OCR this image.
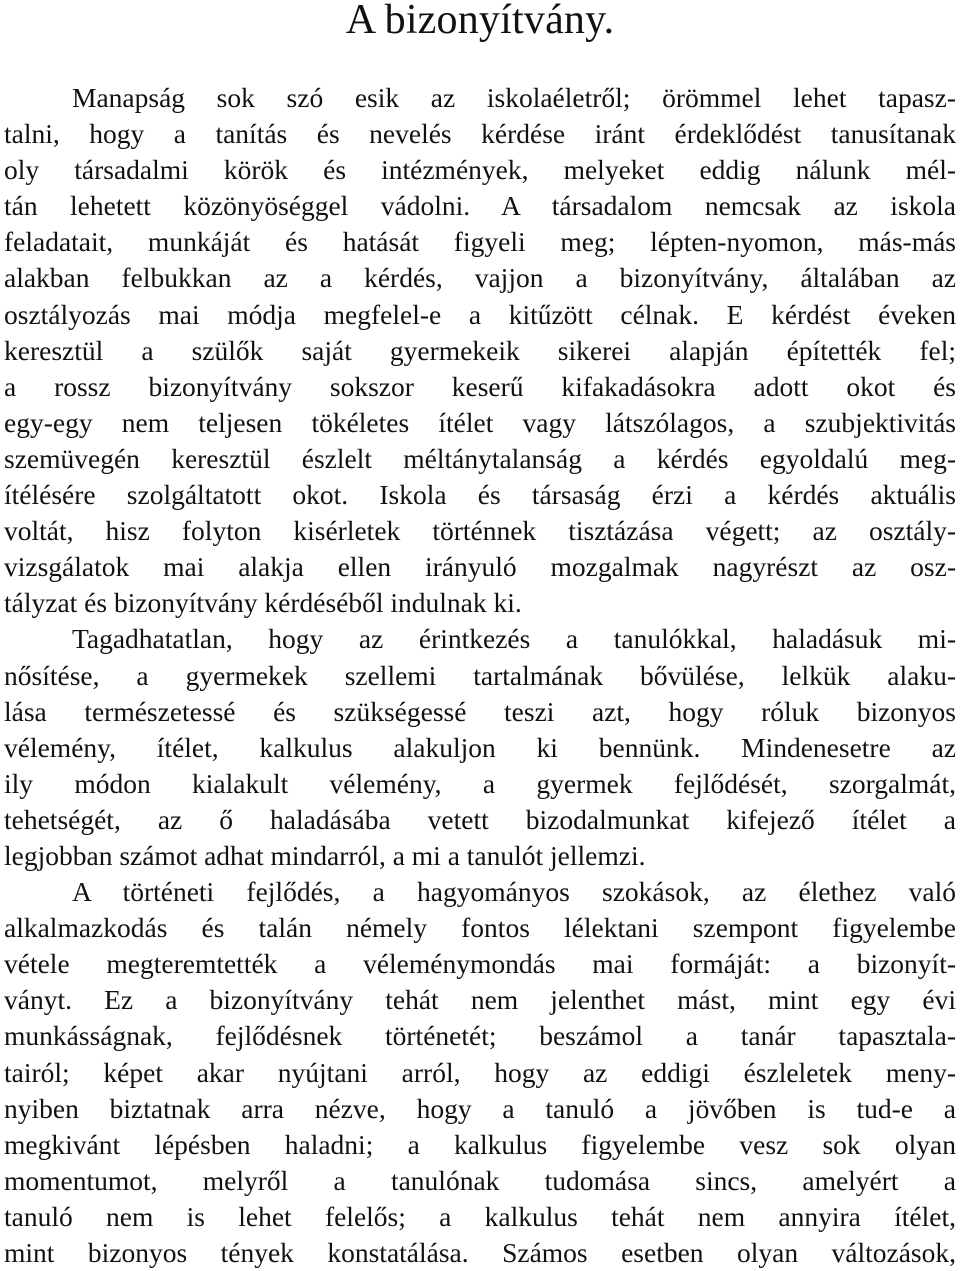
A bizonyítvány.
Manapság sok szó esik az iskolaéletről; örömmel lehet tapasz-
talni, hogy a tanítás és nevelés kérdése iránt érdeklődést tanusítanak
oly társadalmi körök és intézmények, melyeket eddig nálunk mél-
tán lehetett közönyöséggel vádolni. A társadalom nemcsak az iskola
feladatait, munkáját és hatását figyeli meg; lépten-nyomon, más-más
alakban felbukkan az a kérdés, vajjon a bizonyítvány, általában az
osztályozás mai módja megfelel-e a kitűzött célnak. E kérdést éveken
keresztül a szülők saját gyermekeik sikerei alapján építették fel;
a rossz bizonyítvány sokszor keserű kifakadásokra adott okot és
egy-egy nem teljesen tökéletes ítélet vagy látszólagos, a szubjektivitás
szemüvegén keresztül észlelt méltánytalanság a kérdés egyoldalú meg-
ítélésére szolgáltatott okot. Iskola és társaság érzi a kérdés aktuális
voltát, hisz folyton kisérletek történnek tisztázása végett; az osztály-
vizsgálatok mai alakja ellen irányuló mozgalmak nagyrészt az osz-
tályzat és bizonyítvány kérdéséből indulnak ki.
Tagadhatatlan, hogy az érintkezés a tanulókkal, haladásuk mi-
nősítése, a gyermekek szellemi tartalmának bővülése, lelkük alaku-
lása természetessé és szükségessé teszi azt, hogy róluk bizonyos
vélemény, ítélet, kalkulus alakuljon ki bennünk. Mindenesetre az
ily módon kialakult vélemény, a gyermek fejlődését, szorgalmát,
tehetségét, az ő haladásába vetett bizodalmunkat kifejező ítélet a
legjobban számot adhat mindarról, a mi a tanulót jellemzi.
A történeti fejlődés, a hagyományos szokások, az élethez való
alkalmazkodás és talán némely fontos lélektani szempont figyelembe
vétele megteremtették a véleménymondás mai formáját: a bizonyít-
ványt. Ez a bizonyítvány tehát nem jelenthet mást, mint egy évi
munkásságnak, fejlődésnek történetét; beszámol a tanár tapasztala-
tairól; képet akar nyújtani arról, hogy az eddigi észleletek meny-
nyiben biztatnak arra nézve, hogy a tanuló a jövőben is tud-e a
megkivánt lépésben haladni; a kalkulus figyelembe vesz sok olyan
momentumot, melyről a tanulónak tudomása sincs, amelyért a
tanuló nem is lehet felelős; a kalkulus tehát nem annyira ítélet,
mint bizonyos tények konstatálása. Számos esetben olyan változások,
